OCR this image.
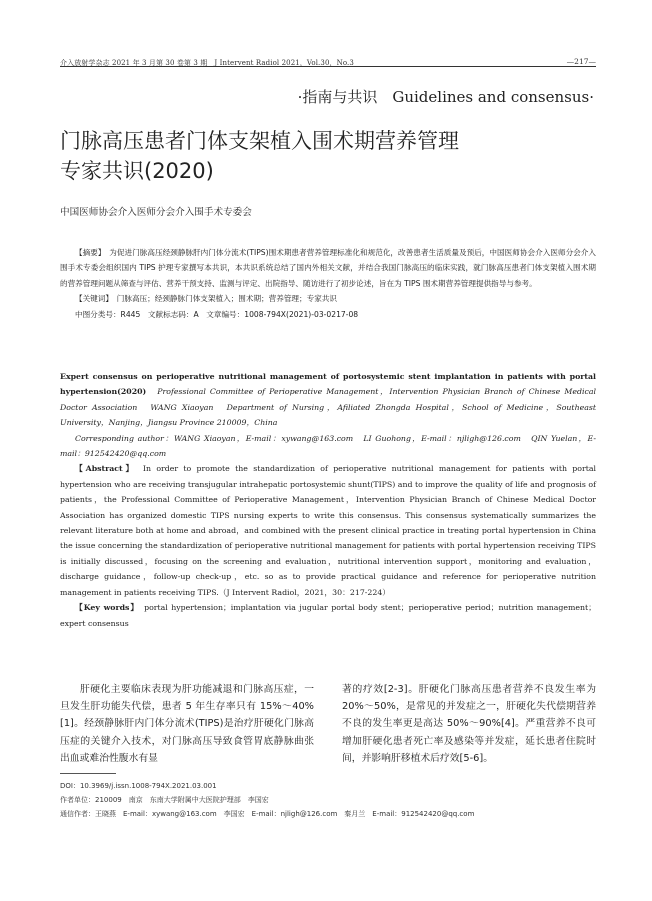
介入放射学杂志 2021 年 3 月第 30 卷第 3 期　J Intervent Radiol 2021，Vol.30，No.3	—217—
·指南与共识　Guidelines and consensus·
门脉高压患者门体支架植入围术期营养管理
专家共识(2020)
中国医师协会介入医师分会介入围手术专委会

【摘要】　 为促进门脉高压经颈静脉肝内门体分流术(TIPS)围术期患者营养管理标准化和规范化，改善患者生活质量及预后，中国医师协会介入医师分会介入围手术专委会组织国内 TIPS 护理专家撰写本共识，本共识系统总结了国内外相关文献，并结合我国门脉高压的临床实践，就门脉高压患者门体支架植入围术期的营养管理问题从筛查与评估、营养干预支持、监测与评定、出院指导、随访进行了初步论述，旨在为 TIPS 围术期营养管理提供指导与参考。

【关键词】　 门脉高压；经颈静脉门体支架植入；围术期；营养管理；专家共识

中图分类号：R445　文献标志码：A　文章编号：1008-794X(2021)-03-0217-08

Expert consensus on perioperative nutritional management of portosystemic stent implantation in patients with portal hypertension(2020)　 Professional Committee of Perioperative Management，Intervention Physician Branch of Chinese Medical Doctor Association　WANG Xiaoyan　Department of Nursing，Afiliated Zhongda Hospital，School of Medicine，Southeast University，Nanjing，Jiangsu Province 210009，China

Corresponding author：WANG Xiaoyan，E-mail：xywang@163.com　LI Guohong，E-mail：njligh@126.com　QIN Yuelan，E-mail：912542420@qq.com

【Abstract】　 In order to promote the standardization of perioperative nutritional management for patients with portal hypertension who are receiving transjugular intrahepatic portosystemic shunt(TIPS) and to improve the quality of life and prognosis of patients，the Professional Committee of Perioperative Management，Intervention Physician Branch of Chinese Medical Doctor Association has organized domestic TIPS nursing experts to write this consensus. This consensus systematically summarizes the relevant literature both at home and abroad，and combined with the present clinical practice in treating portal hypertension in China the issue concerning the standardization of perioperative nutritional management for patients with portal hypertension receiving TIPS is initially discussed，focusing on the screening and evaluation，nutritional intervention support，monitoring and evaluation，discharge guidance，follow-up check-up，etc. so as to provide practical guidance and reference for perioperative nutrition management in patients receiving TIPS.（J Intervent Radiol，2021，30：217-224）

【Key words】　 portal hypertension；implantation via jugular portal body stent；perioperative period；nutrition management；expert consensus

肝硬化主要临床表现为肝功能减退和门脉高压症，一旦发生肝功能失代偿，患者 5 年生存率只有 15%～40%[1]。经颈静脉肝内门体分流术(TIPS)是治疗肝硬化门脉高压症的关键介入技术，对门脉高压导致食管胃底静脉曲张出血或难治性腹水有显

著的疗效[2-3]。肝硬化门脉高压患者营养不良发生率为 20%～50%，是常见的并发症之一，肝硬化失代偿期营养不良的发生率更是高达 50%～90%[4]。严重营养不良可增加肝硬化患者死亡率及感染等并发症，延长患者住院时间，并影响肝移植术后疗效[5-6]。

DOI：10.3969/j.issn.1008-794X.2021.03.001
作者单位：210009　南京　东南大学附属中大医院护理部　李国宏
通信作者：王晓燕　E-mail：xywang@163.com　李国宏　E-mail：njligh@126.com　秦月兰　E-mail：912542420@qq.com
